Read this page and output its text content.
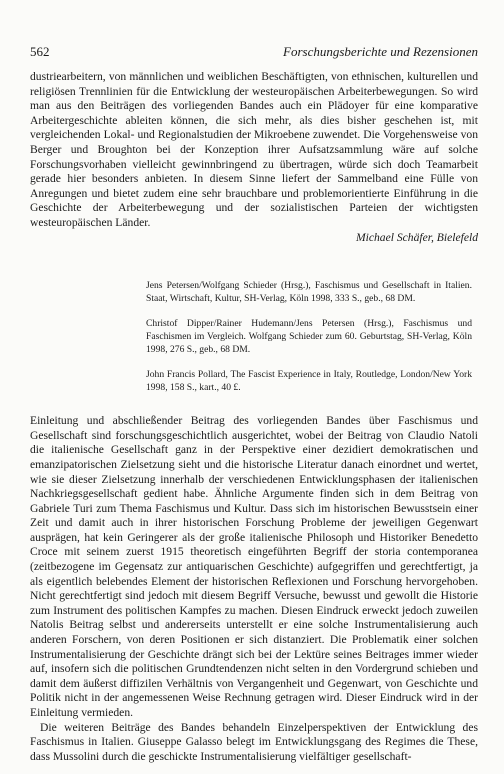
562	Forschungsberichte und Rezensionen
dustriearbeitern, von männlichen und weiblichen Beschäftigten, von ethnischen, kulturellen und religiösen Trennlinien für die Entwicklung der westeuropäischen Arbeiterbewegungen. So wird man aus den Beiträgen des vorliegenden Bandes auch ein Plädoyer für eine komparative Arbeitergeschichte ableiten können, die sich mehr, als dies bisher geschehen ist, mit vergleichenden Lokal- und Regionalstudien der Mikroebene zuwendet. Die Vorgehensweise von Berger und Broughton bei der Konzeption ihrer Aufsatzsammlung wäre auf solche Forschungsvorhaben vielleicht gewinnbringend zu übertragen, würde sich doch Teamarbeit gerade hier besonders anbieten. In diesem Sinne liefert der Sammelband eine Fülle von Anregungen und bietet zudem eine sehr brauchbare und problemorientierte Einführung in die Geschichte der Arbeiterbewegung und der sozialistischen Parteien der wichtigsten westeuropäischen Länder.
Michael Schäfer, Bielefeld

Jens Petersen/Wolfgang Schieder (Hrsg.), Faschismus und Gesellschaft in Italien. Staat, Wirtschaft, Kultur, SH-Verlag, Köln 1998, 333 S., geb., 68 DM.

Christof Dipper/Rainer Hudemann/Jens Petersen (Hrsg.), Faschismus und Faschismen im Vergleich. Wolfgang Schieder zum 60. Geburtstag, SH-Verlag, Köln 1998, 276 S., geb., 68 DM.

John Francis Pollard, The Fascist Experience in Italy, Routledge, London/New York 1998, 158 S., kart., 40 £.

Einleitung und abschließender Beitrag des vorliegenden Bandes über Faschismus und Gesellschaft sind forschungsgeschichtlich ausgerichtet, wobei der Beitrag von Claudio Natoli die italienische Gesellschaft ganz in der Perspektive einer dezidiert demokratischen und emanzipatorischen Zielsetzung sieht und die historische Literatur danach einordnet und wertet, wie sie dieser Zielsetzung innerhalb der verschiedenen Entwicklungsphasen der italienischen Nachkriegsgesellschaft gedient habe. Ähnliche Argumente finden sich in dem Beitrag von Gabriele Turi zum Thema Faschismus und Kultur. Dass sich im historischen Bewusstsein einer Zeit und damit auch in ihrer historischen Forschung Probleme der jeweiligen Gegenwart ausprägen, hat kein Geringerer als der große italienische Philosoph und Historiker Benedetto Croce mit seinem zuerst 1915 theoretisch eingeführten Begriff der storia contemporanea (zeitbezogene im Gegensatz zur antiquarischen Geschichte) aufgegriffen und gerechtfertigt, ja als eigentlich belebendes Element der historischen Reflexionen und Forschung hervorgehoben. Nicht gerechtfertigt sind jedoch mit diesem Begriff Versuche, bewusst und gewollt die Historie zum Instrument des politischen Kampfes zu machen. Diesen Eindruck erweckt jedoch zuweilen Natolis Beitrag selbst und andererseits unterstellt er eine solche Instrumentalisierung auch anderen Forschern, von deren Positionen er sich distanziert. Die Problematik einer solchen Instrumentalisierung der Geschichte drängt sich bei der Lektüre seines Beitrages immer wieder auf, insofern sich die politischen Grundtendenzen nicht selten in den Vordergrund schieben und damit dem äußerst diffizilen Verhältnis von Vergangenheit und Gegenwart, von Geschichte und Politik nicht in der angemessenen Weise Rechnung getragen wird. Dieser Eindruck wird in der Einleitung vermieden.

Die weiteren Beiträge des Bandes behandeln Einzelperspektiven der Entwicklung des Faschismus in Italien. Giuseppe Galasso belegt im Entwicklungsgang des Regimes die These, dass Mussolini durch die geschickte Instrumentalisierung vielfältiger gesellschaft-
